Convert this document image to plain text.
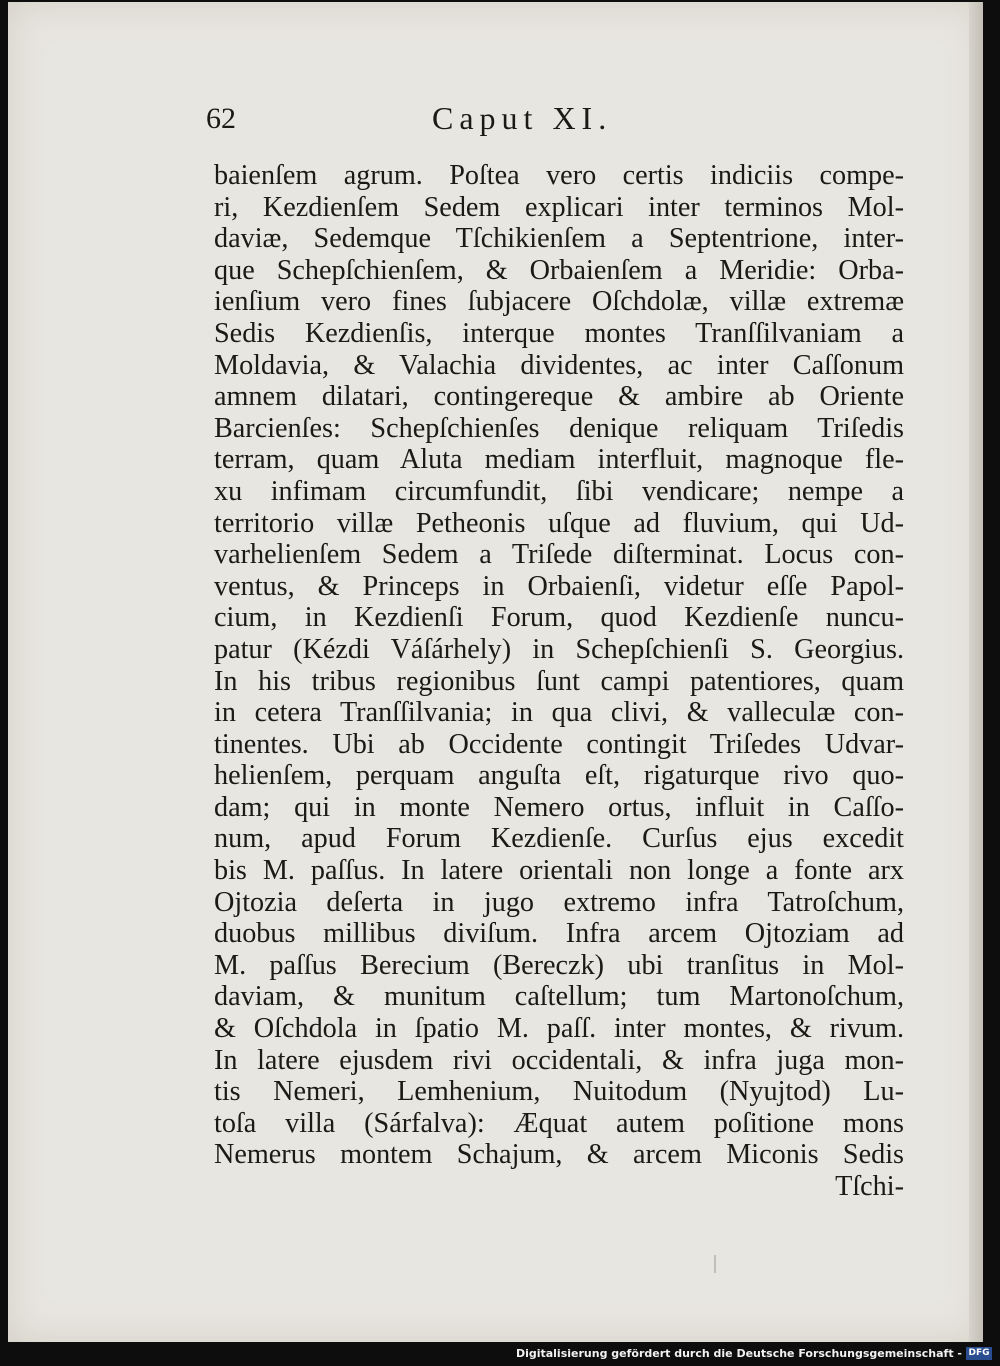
62	Caput XI.
baienſem agrum. Poſtea vero certis indiciis compe-
ri, Kezdienſem Sedem explicari inter terminos Mol-
daviæ, Sedemque Tſchikienſem a Septentrione, inter-
que Schepſchienſem, & Orbaienſem a Meridie: Orba-
ienſium vero fines ſubjacere Oſchdolæ, villæ extremæ
Sedis Kezdienſis, interque montes Tranſſilvaniam a
Moldavia, & Valachia dividentes, ac inter Caſſonum
amnem dilatari, contingereque & ambire ab Oriente
Barcienſes: Schepſchienſes denique reliquam Triſedis
terram, quam Aluta mediam interfluit, magnoque fle-
xu infimam circumfundit, ſibi vendicare; nempe a
territorio villæ Petheonis uſque ad fluvium, qui Ud-
varhelienſem Sedem a Triſede diſterminat. Locus con-
ventus, & Princeps in Orbaienſi, videtur eſſe Papol-
cium, in Kezdienſi Forum, quod Kezdienſe nuncu-
patur (Kézdi Váſárhely) in Schepſchienſi S. Georgius.
In his tribus regionibus ſunt campi patentiores, quam
in cetera Tranſſilvania; in qua clivi, & valleculæ con-
tinentes. Ubi ab Occidente contingit Triſedes Udvar-
helienſem, perquam anguſta eſt, rigaturque rivo quo-
dam; qui in monte Nemero ortus, influit in Caſſo-
num, apud Forum Kezdienſe. Curſus ejus excedit
bis M. paſſus. In latere orientali non longe a fonte arx
Ojtozia deſerta in jugo extremo infra Tatroſchum,
duobus millibus diviſum. Infra arcem Ojtoziam ad
M. paſſus Berecium (Bereczk) ubi tranſitus in Mol-
daviam, & munitum caſtellum; tum Martonoſchum,
& Oſchdola in ſpatio M. paſſ. inter montes, & rivum.
In latere ejusdem rivi occidentali, & infra juga mon-
tis Nemeri, Lemhenium, Nuitodum (Nyujtod) Lu-
toſa villa (Sárfalva): Æquat autem poſitione mons
Nemerus montem Schajum, & arcem Miconis Sedis
Tſchi-
Digitalisierung gefördert durch die Deutsche Forschungsgemeinschaft - DFG
